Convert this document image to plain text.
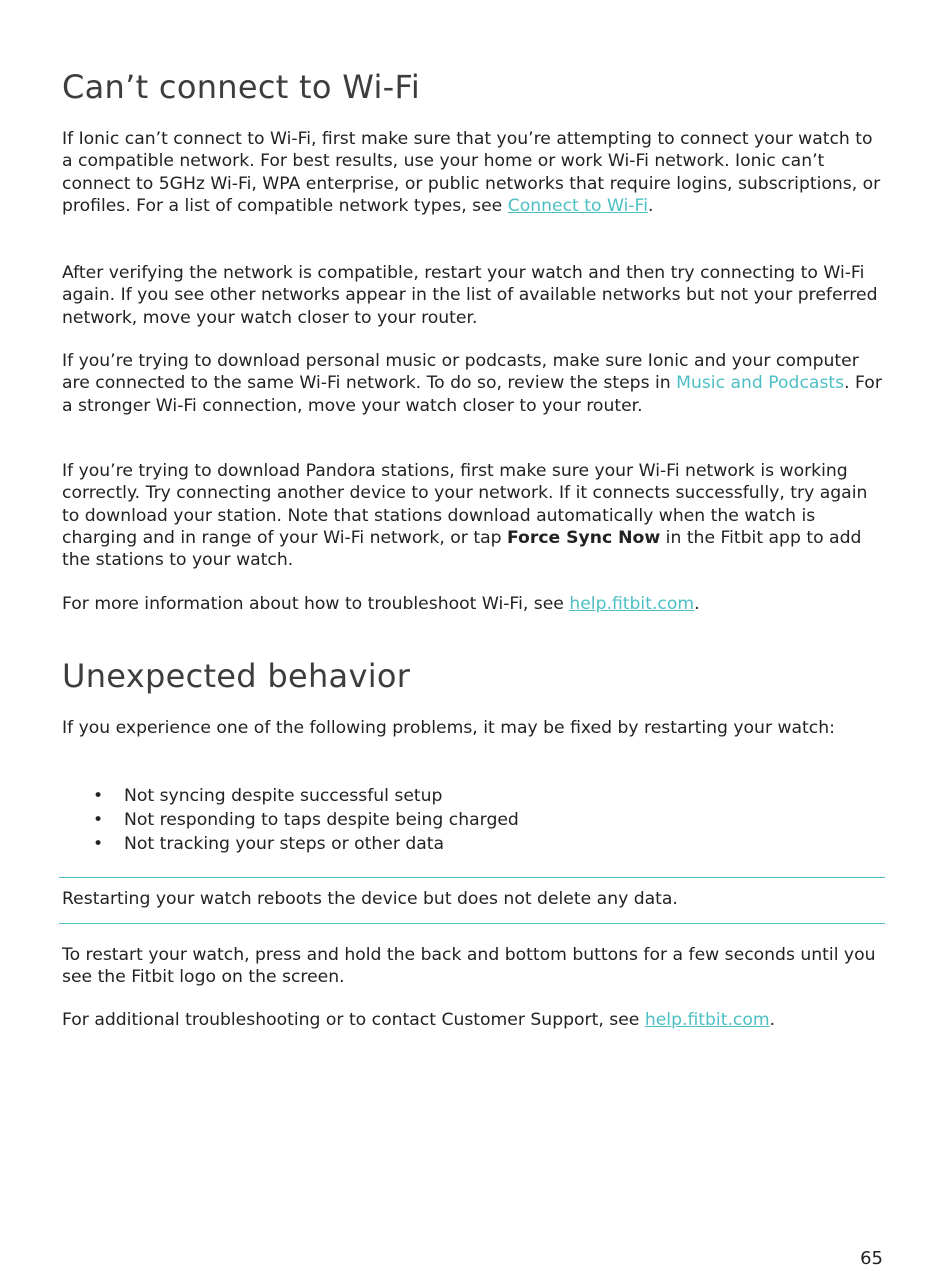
Can’t connect to Wi-Fi

If Ionic can’t connect to Wi-Fi, first make sure that you’re attempting to connect your watch to a compatible network. For best results, use your home or work Wi-Fi network. Ionic can’t connect to 5GHz Wi-Fi, WPA enterprise, or public networks that require logins, subscriptions, or profiles. For a list of compatible network types, see Connect to Wi-Fi.

After verifying the network is compatible, restart your watch and then try connecting to Wi-Fi again. If you see other networks appear in the list of available networks but not your preferred network, move your watch closer to your router.

If you’re trying to download personal music or podcasts, make sure Ionic and your computer are connected to the same Wi-Fi network. To do so, review the steps in Music and Podcasts. For a stronger Wi-Fi connection, move your watch closer to your router.

If you’re trying to download Pandora stations, first make sure your Wi-Fi network is working correctly. Try connecting another device to your network. If it connects successfully, try again to download your station. Note that stations download automatically when the watch is charging and in range of your Wi-Fi network, or tap Force Sync Now in the Fitbit app to add the stations to your watch.

For more information about how to troubleshoot Wi-Fi, see help.fitbit.com.

Unexpected behavior

If you experience one of the following problems, it may be fixed by restarting your watch:

• Not syncing despite successful setup
• Not responding to taps despite being charged
• Not tracking your steps or other data

Restarting your watch reboots the device but does not delete any data.

To restart your watch, press and hold the back and bottom buttons for a few seconds until you see the Fitbit logo on the screen.

For additional troubleshooting or to contact Customer Support, see help.fitbit.com.

65
